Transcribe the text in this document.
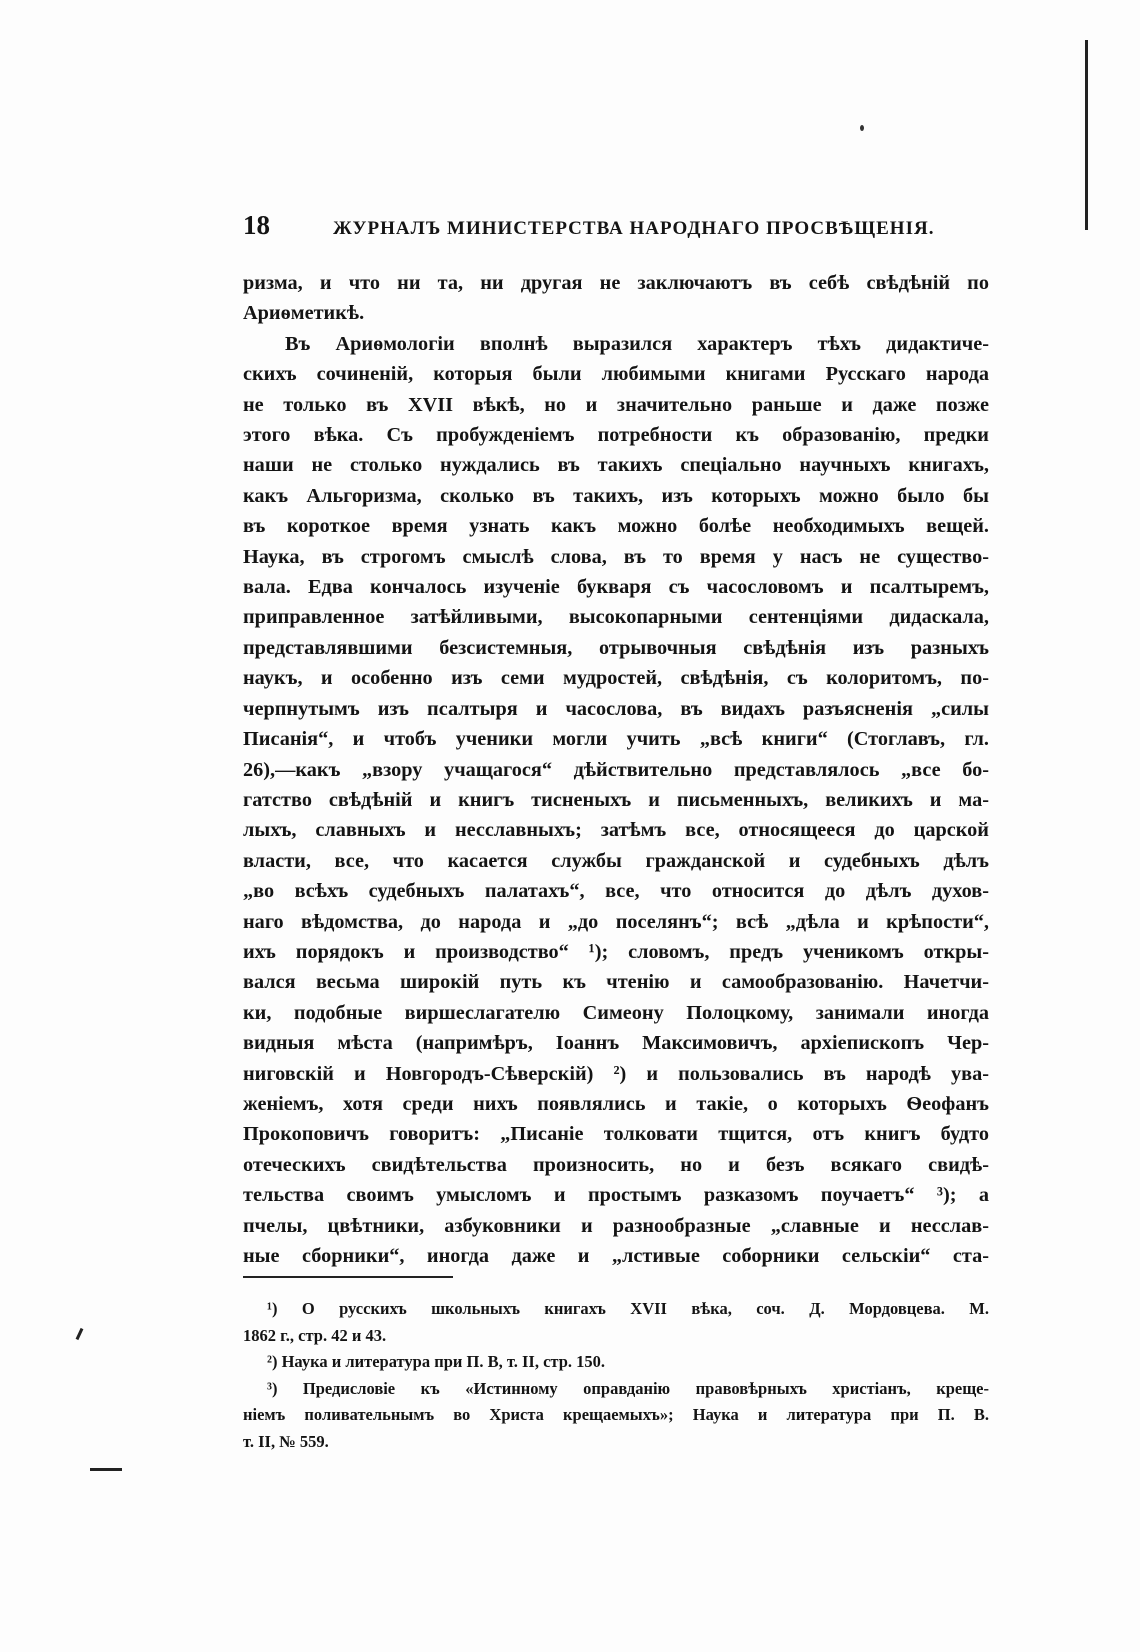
18	ЖУРНАЛЪ МИНИСТЕРСТВА НАРОДНАГО ПРОСВѢЩЕНІЯ.
ризма, и что ни та, ни другая не заключаютъ въ себѣ свѣдѣній по
Ариѳметикѣ.
Въ Ариѳмологіи вполнѣ выразился характеръ тѣхъ дидактиче-
скихъ сочиненій, которыя были любимыми книгами Русскаго народа
не только въ XVII вѣкѣ, но и значительно раньше и даже позже
этого вѣка. Съ пробужденіемъ потребности къ образованію, предки
наши не столько нуждались въ такихъ спеціально научныхъ книгахъ,
какъ Альгоризма, сколько въ такихъ, изъ которыхъ можно было бы
въ короткое время узнать какъ можно болѣе необходимыхъ вещей.
Наука, въ строгомъ смыслѣ слова, въ то время у насъ не существо-
вала. Едва кончалось изученіе букваря съ часословомъ и псалтыремъ,
приправленное затѣйливыми, высокопарными сентенціями дидаскала,
представлявшими безсистемныя, отрывочныя свѣдѣнія изъ разныхъ
наукъ, и особенно изъ семи мудростей, свѣдѣнія, съ колоритомъ, по-
черпнутымъ изъ псалтыря и часослова, въ видахъ разъясненія „силы
Писанія“, и чтобъ ученики могли учить „всѣ книги“ (Стоглавъ, гл.
26),—какъ „взору учащагося“ дѣйствительно представлялось „все бо-
гатство свѣдѣній и книгъ тисненыхъ и письменныхъ, великихъ и ма-
лыхъ, славныхъ и несславныхъ; затѣмъ все, относящееся до царской
власти, все, что касается службы гражданской и судебныхъ дѣлъ
„во всѣхъ судебныхъ палатахъ“, все, что относится до дѣлъ духов-
наго вѣдомства, до народа и „до поселянъ“; всѣ „дѣла и крѣпости“,
ихъ порядокъ и производство“ ¹); словомъ, предъ ученикомъ откры-
вался весьма широкій путь къ чтенію и самообразованію. Начетчи-
ки, подобные виршеслагателю Симеону Полоцкому, занимали иногда
видныя мѣста (напримѣръ, Іоаннъ Максимовичъ, архіепископъ Чер-
ниговскій и Новгородъ-Сѣверскій) ²) и пользовались въ народѣ ува-
женіемъ, хотя среди нихъ появлялись и такіе, о которыхъ Ѳеофанъ
Прокоповичъ говоритъ: „Писаніе толковати тщится, отъ книгъ будто
отеческихъ свидѣтельства произносить, но и безъ всякаго свидѣ-
тельства своимъ умысломъ и простымъ разказомъ поучаетъ“ ³); а
пчелы, цвѣтники, азбуковники и разнообразные „славные и несслав-
ные сборники“, иногда даже и „лстивые соборники сельскіи“ ста-
¹) О русскихъ школьныхъ книгахъ XVII вѣка, соч. Д. Мордовцева. М.
1862 г., стр. 42 и 43.
²) Наука и литература при П. В, т. II, стр. 150.
³) Предисловіе къ «Истинному оправданію правовѣрныхъ христіанъ, креще-
ніемъ поливательнымъ во Христа крещаемыхъ»; Наука и литература при П. В.
т. II, № 559.
